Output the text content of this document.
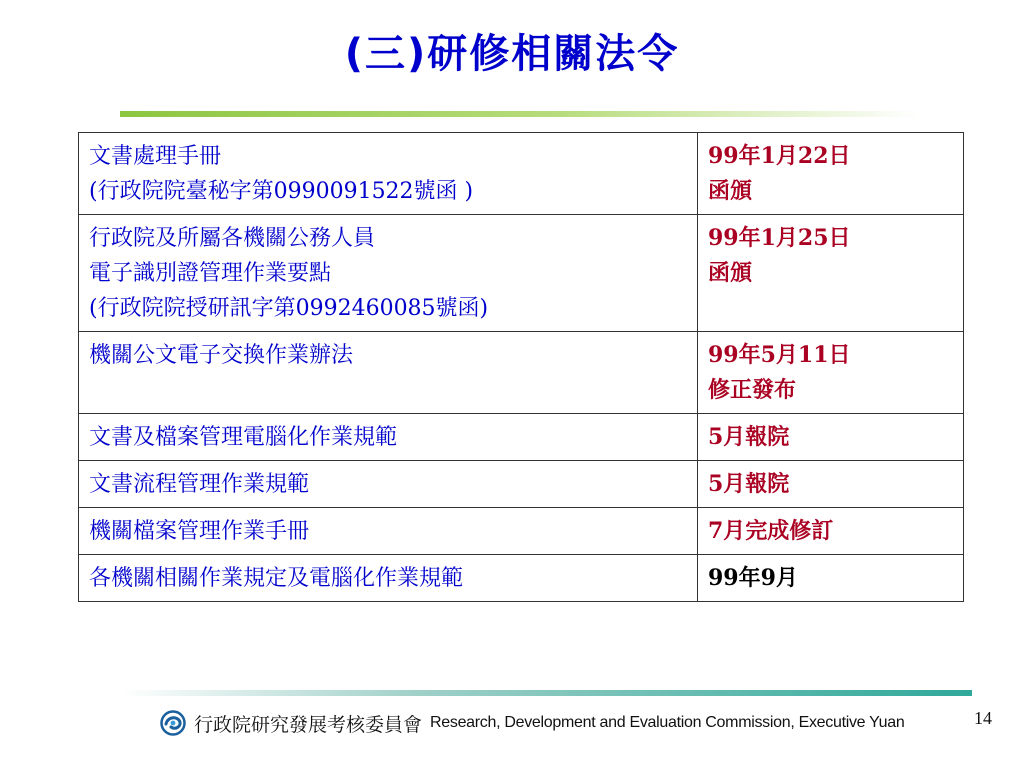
(三)研修相關法令
文書處理手冊
(行政院院臺秘字第0990091522號函 )	99年1月22日
函頒

行政院及所屬各機關公務人員
電子識別證管理作業要點
(行政院院授研訊字第0992460085號函)	99年1月25日
函頒

機關公文電子交換作業辦法	99年5月11日
修正發布

文書及檔案管理電腦化作業規範	5月報院

文書流程管理作業規範	5月報院

機關檔案管理作業手冊	7月完成修訂

各機關相關作業規定及電腦化作業規範	99年9月
行政院研究發展考核委員會 Research, Development and Evaluation Commission, Executive Yuan	14
